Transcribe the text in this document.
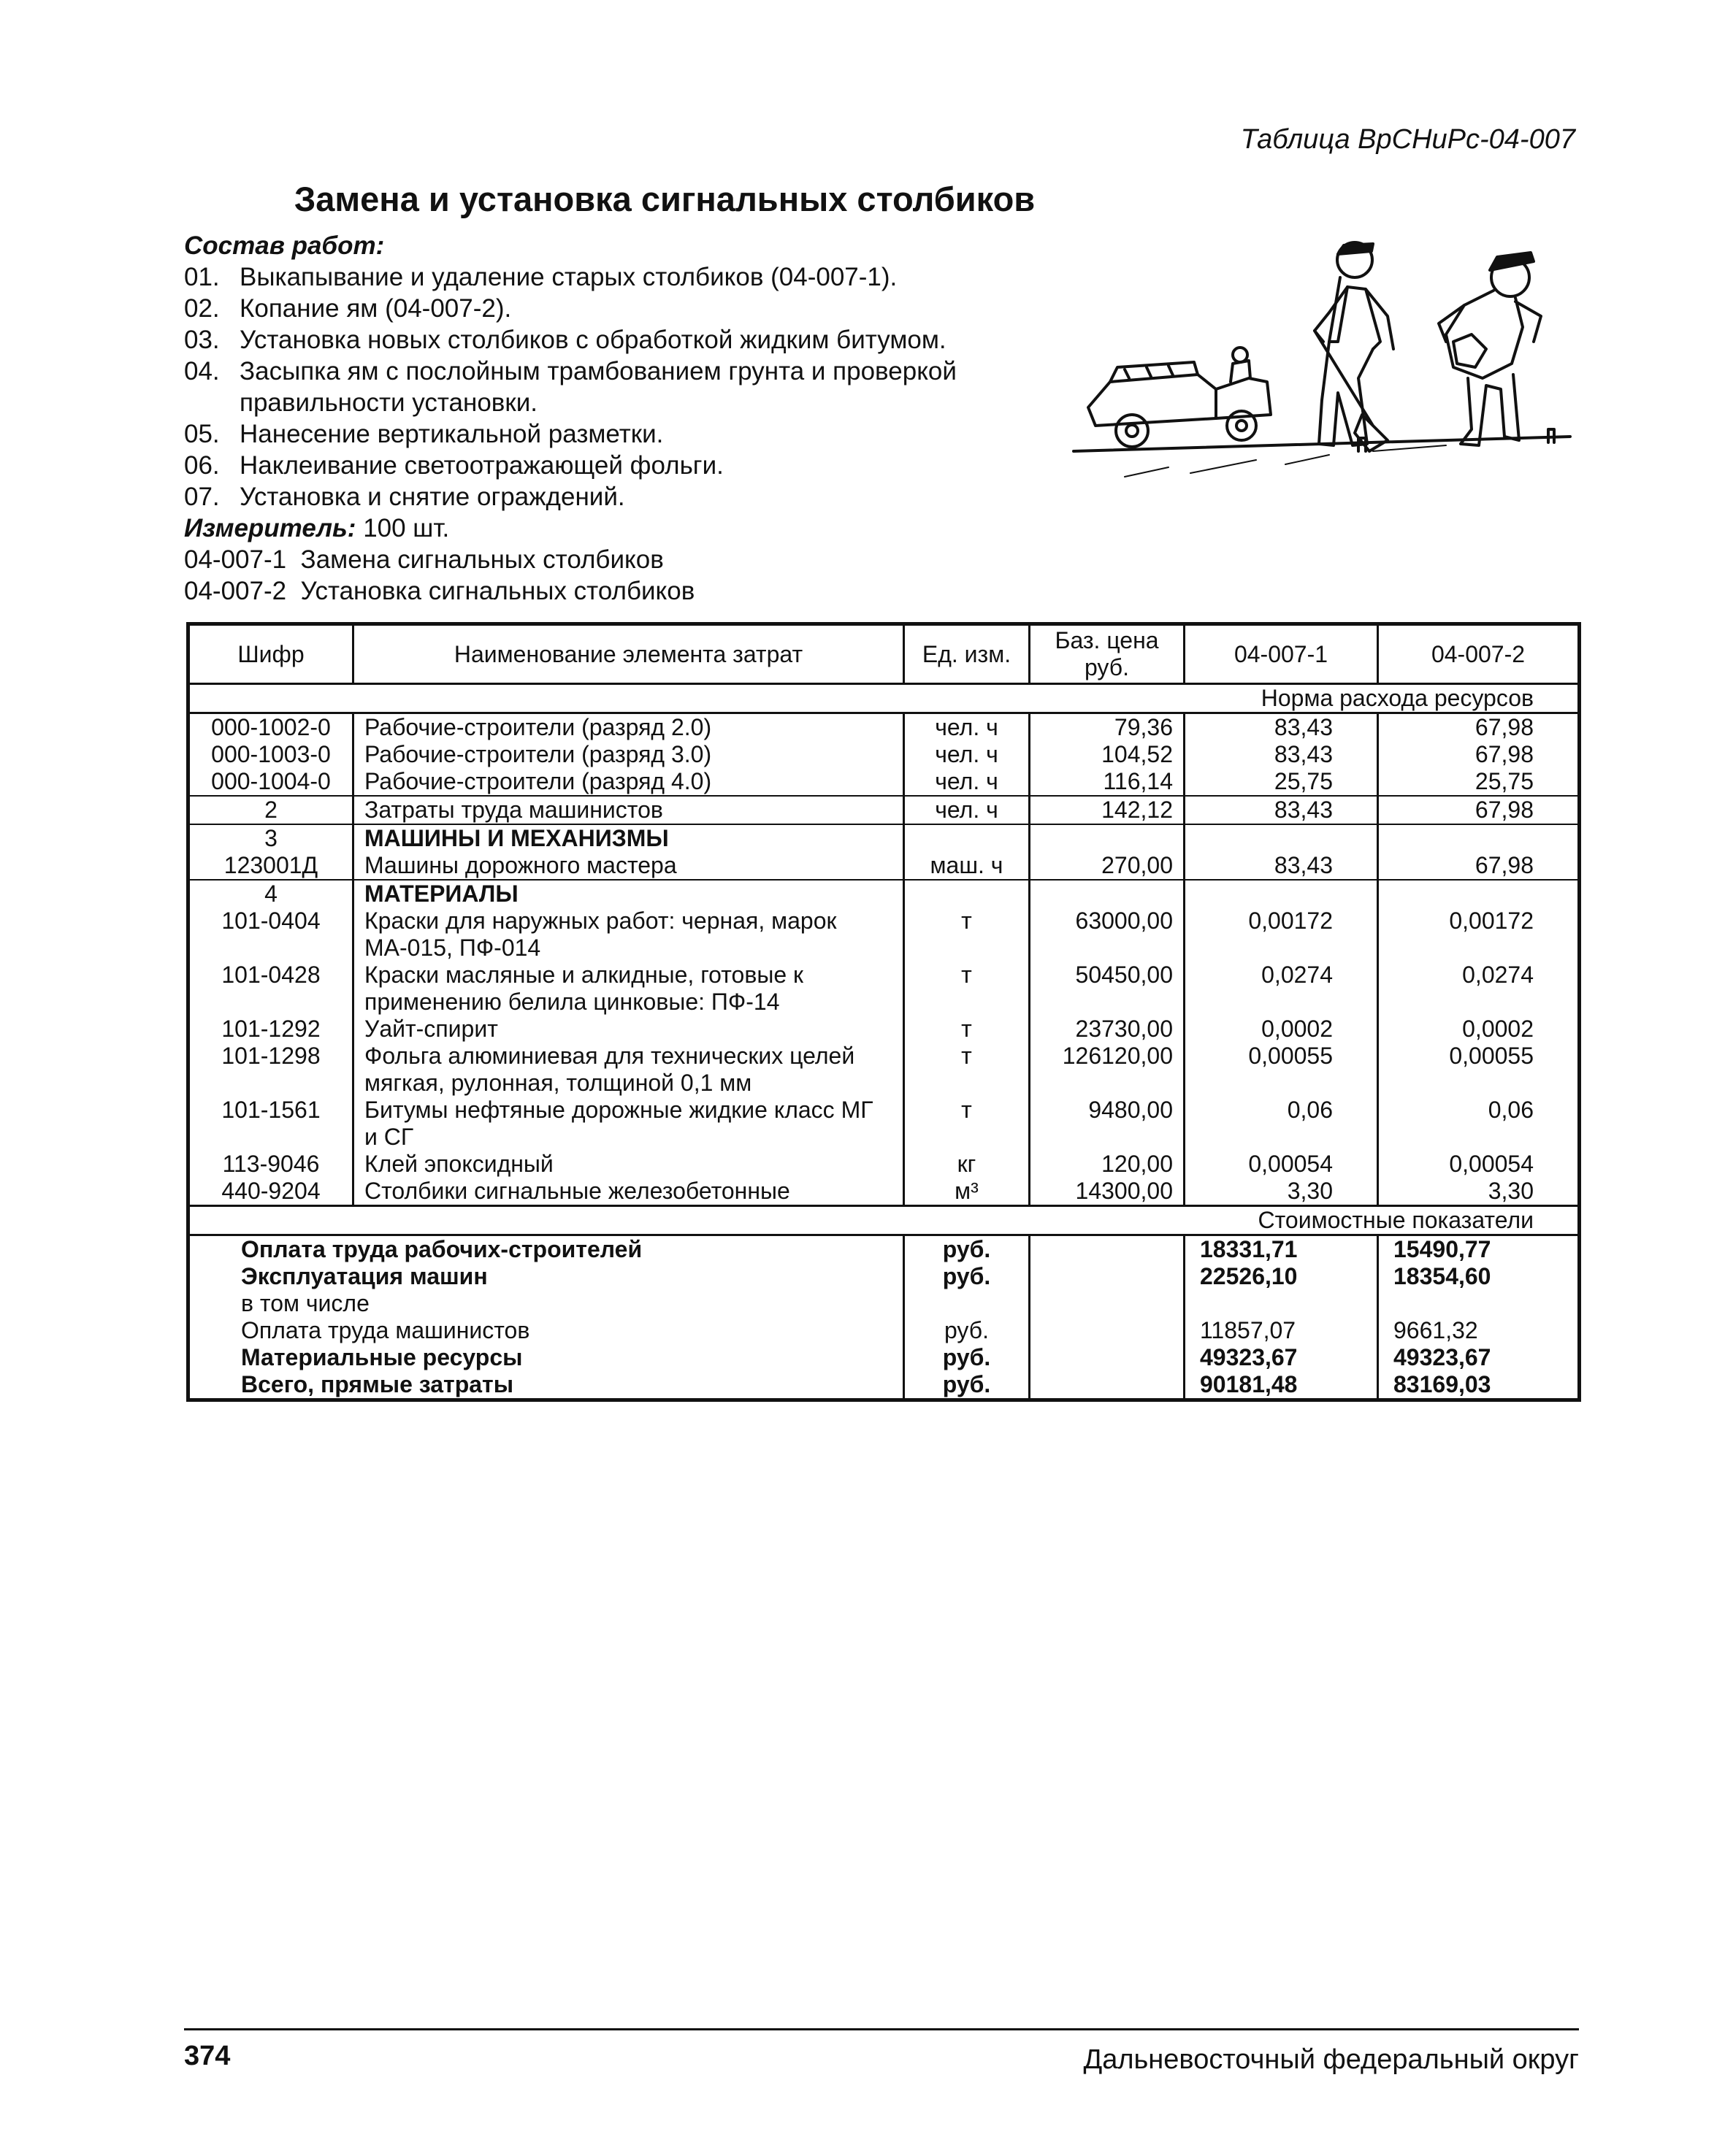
Таблица ВрСНиРс-04-007
Замена и установка сигнальных столбиков
Состав работ:
01. Выкапывание и удаление старых столбиков (04-007-1).
02. Копание ям (04-007-2).
03. Установка новых столбиков с обработкой жидким битумом.
04. Засыпка ям с послойным трамбованием грунта и проверкой правильности установки.
05. Нанесение вертикальной разметки.
06. Наклеивание светоотражающей фольги.
07. Установка и снятие ограждений.
Измеритель: 100 шт.
04-007-1  Замена сигнальных столбиков
04-007-2  Установка сигнальных столбиков
Шифр	Наименование элемента затрат	Ед. изм.	Баз. цена руб.	04-007-1	04-007-2
Норма расхода ресурсов					
000-1002-0	Рабочие-строители (разряд 2.0)	чел. ч	79,36	83,43	67,98
000-1003-0	Рабочие-строители (разряд 3.0)	чел. ч	104,52	83,43	67,98
000-1004-0	Рабочие-строители (разряд 4.0)	чел. ч	116,14	25,75	25,75
2	Затраты труда машинистов	чел. ч	142,12	83,43	67,98
3	МАШИНЫ И МЕХАНИЗМЫ				
123001Д	Машины дорожного мастера	маш. ч	270,00	83,43	67,98
4	МАТЕРИАЛЫ				
101-0404	Краски для наружных работ: черная, марок МА-015, ПФ-014	т	63000,00	0,00172	0,00172
101-0428	Краски масляные и алкидные, готовые к применению белила цинковые: ПФ-14	т	50450,00	0,0274	0,0274
101-1292	Уайт-спирит	т	23730,00	0,0002	0,0002
101-1298	Фольга алюминиевая для технических целей мягкая, рулонная, толщиной 0,1 мм	т	126120,00	0,00055	0,00055
101-1561	Битумы нефтяные дорожные жидкие класс МГ и СГ	т	9480,00	0,06	0,06
113-9046	Клей эпоксидный	кг	120,00	0,00054	0,00054
440-9204	Столбики сигнальные железобетонные	м³	14300,00	3,30	3,30
Стоимостные показатели					
Оплата труда рабочих-строителей		руб.		18331,71	15490,77
Эксплуатация машин		руб.		22526,10	18354,60
в том числе					
Оплата труда машинистов		руб.		11857,07	9661,32
Материальные ресурсы		руб.		49323,67	49323,67
Всего, прямые затраты		руб.		90181,48	83169,03
374	Дальневосточный федеральный округ
